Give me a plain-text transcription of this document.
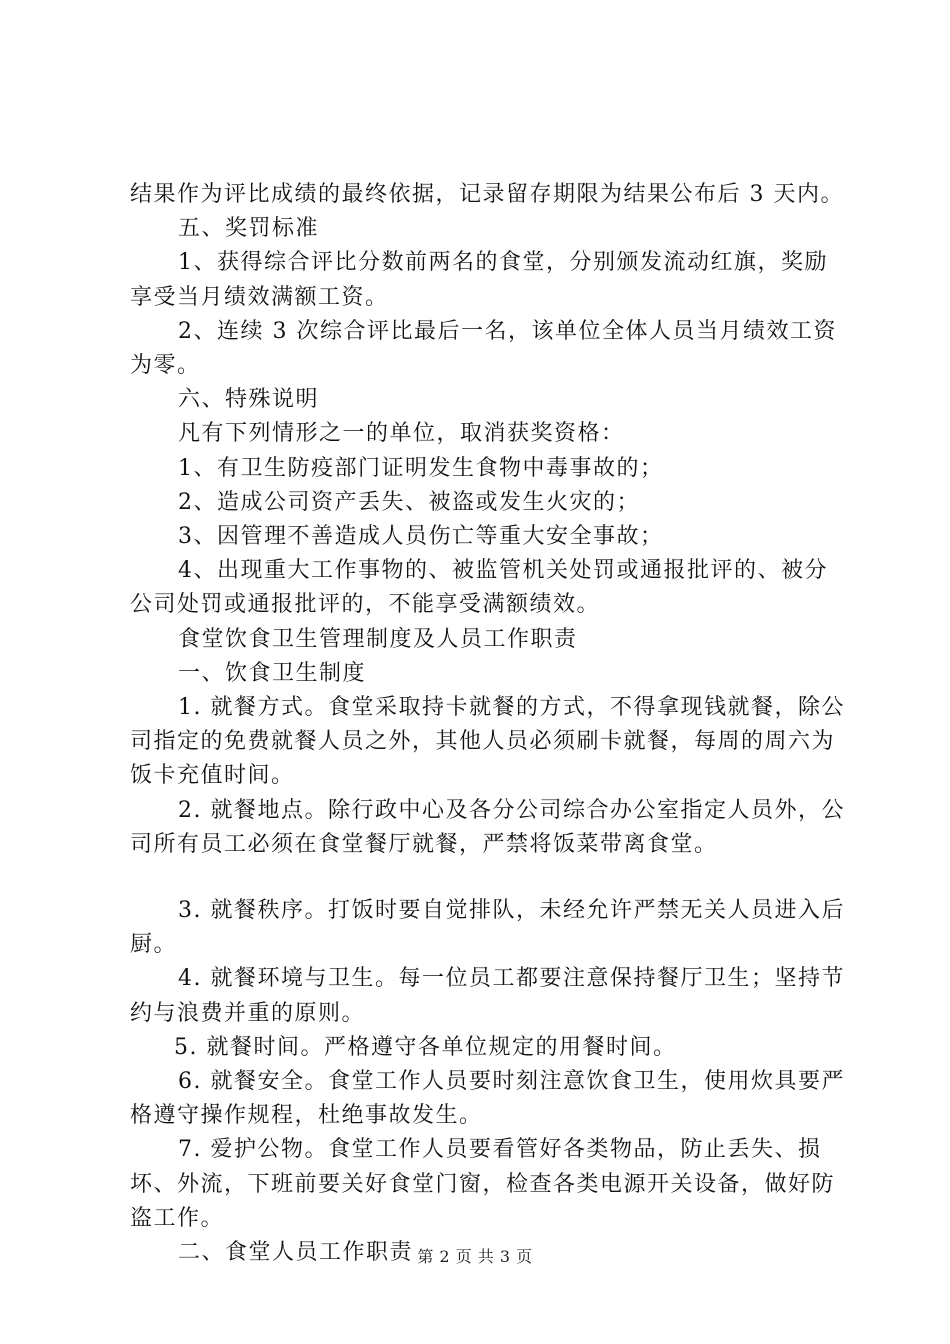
结果作为评比成绩的最终依据，记录留存期限为结果公布后 3 天内。

五、奖罚标准

1、获得综合评比分数前两名的食堂，分别颁发流动红旗，奖励享受当月绩效满额工资。

2、连续 3 次综合评比最后一名，该单位全体人员当月绩效工资为零。

六、特殊说明

凡有下列情形之一的单位，取消获奖资格：

1、有卫生防疫部门证明发生食物中毒事故的；

2、造成公司资产丢失、被盗或发生火灾的；

3、因管理不善造成人员伤亡等重大安全事故；

4、出现重大工作事物的、被监管机关处罚或通报批评的、被分公司处罚或通报批评的，不能享受满额绩效。

食堂饮食卫生管理制度及人员工作职责

一、饮食卫生制度

1. 就餐方式。食堂采取持卡就餐的方式，不得拿现钱就餐，除公司指定的免费就餐人员之外，其他人员必须刷卡就餐，每周的周六为饭卡充值时间。

2. 就餐地点。除行政中心及各分公司综合办公室指定人员外，公司所有员工必须在食堂餐厅就餐，严禁将饭菜带离食堂。

3. 就餐秩序。打饭时要自觉排队，未经允许严禁无关人员进入后厨。

4. 就餐环境与卫生。每一位员工都要注意保持餐厅卫生；坚持节约与浪费并重的原则。

5. 就餐时间。严格遵守各单位规定的用餐时间。

6. 就餐安全。食堂工作人员要时刻注意饮食卫生，使用炊具要严格遵守操作规程，杜绝事故发生。

7. 爱护公物。食堂工作人员要看管好各类物品，防止丢失、损坏、外流，下班前要关好食堂门窗，检查各类电源开关设备，做好防盗工作。

二、食堂人员工作职责 第 2 页 共 3 页
